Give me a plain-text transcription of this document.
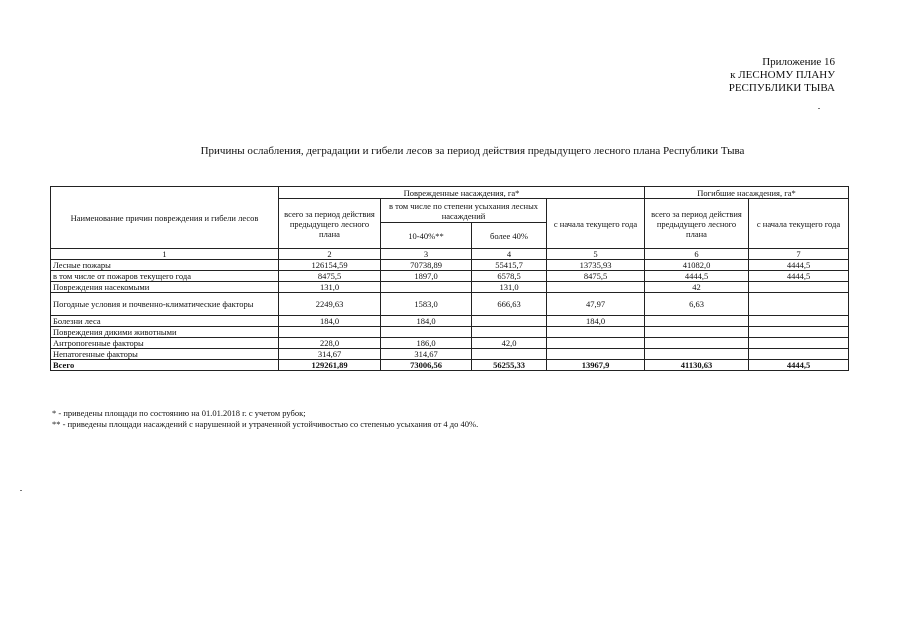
Приложение 16
к ЛЕСНОМУ ПЛАНУ
РЕСПУБЛИКИ ТЫВА
Причины ослабления, деградации и гибели лесов за период действия предыдущего лесного плана Республики Тыва
Наименование причин повреждения и гибели лесов	Поврежденные насаждения, га*				Погибшие насаждения, га*	
	всего за период действия предыдущего лесного плана	в том числе по степени усыхания лесных насаждений		с начала текущего года	всего за период действия предыдущего лесного плана	с начала текущего года
		10-40%**	более 40%			
1	2	3	4	5	6	7
Лесные пожары	126154,59	70738,89	55415,7	13735,93	41082,0	4444,5
в том числе от пожаров текущего года	8475,5	1897,0	6578,5	8475,5	4444,5	4444,5
Повреждения насекомыми	131,0		131,0		42	
Погодные условия и почвенно-климатические факторы	2249,63	1583,0	666,63	47,97	6,63	
Болезни леса	184,0	184,0		184,0		
Повреждения дикими животными						
Антропогенные факторы	228,0	186,0	42,0			
Непатогенные факторы	314,67	314,67				
Всего	129261,89	73006,56	56255,33	13967,9	41130,63	4444,5
* - приведены площади по состоянию на 01.01.2018 г. с учетом рубок;
** - приведены площади насаждений с нарушенной и утраченной устойчивостью со степенью усыхания от 4 до 40%.
